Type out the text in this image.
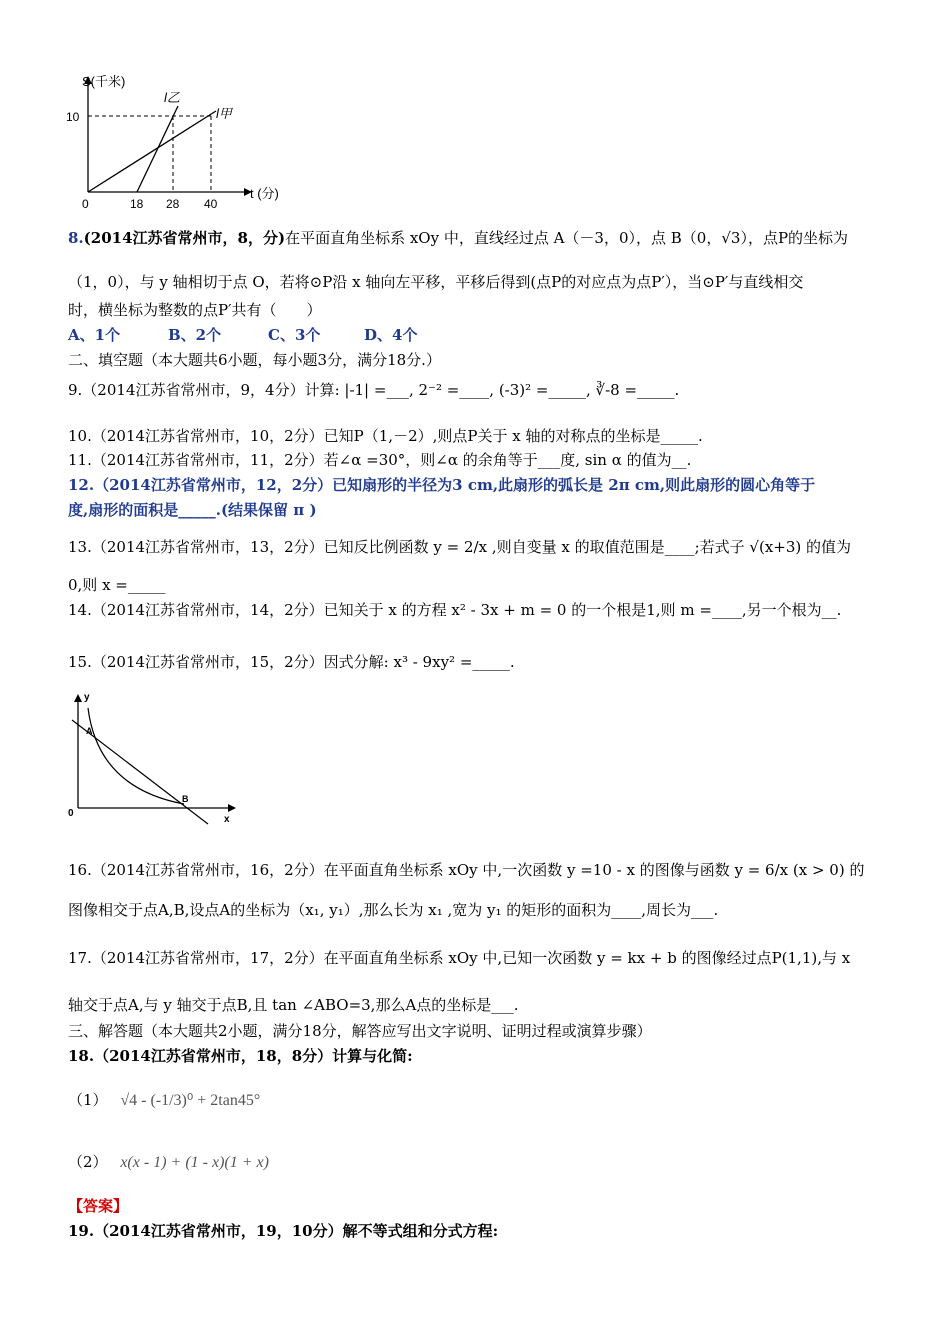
S(千米)
t (分)
10
0	18 28 40
l乙
l甲
8.(2014江苏省常州市，8，分)在平面直角坐标系 xOy 中，直线经过点 A（－3，0），点 B（0，√3），点P的坐标为
（1，0），与 y 轴相切于点 O，若将⊙P沿 x 轴向左平移，平移后得到(点P的对应点为点P′），当⊙P′与直线相交
时，横坐标为整数的点P′共有（　　）
A、1个	B、2个	C、3个	D、4个
二、填空题（本大题共6小题，每小题3分，满分18分.）
9.（2014江苏省常州市，9，4分）计算: |-1| =___, 2⁻² =____, (-3)² =_____, ∛-8 =_____.
10.（2014江苏省常州市，10，2分）已知P（1,－2）,则点P关于 x 轴的对称点的坐标是_____.
11.（2014江苏省常州市，11，2分）若∠α =30°，则∠α 的余角等于___度, sin α 的值为__.
12.（2014江苏省常州市，12，2分）已知扇形的半径为3 cm,此扇形的弧长是 2π cm,则此扇形的圆心角等于
度,扇形的面积是_____.(结果保留 π )
13.（2014江苏省常州市，13，2分）已知反比例函数 y = 2/x ,则自变量 x 的取值范围是____;若式子 √(x+3) 的值为
0,则 x =_____
14.（2014江苏省常州市，14，2分）已知关于 x 的方程 x² - 3x + m = 0 的一个根是1,则 m =____,另一个根为__.
15.（2014江苏省常州市，15，2分）因式分解: x³ - 9xy² =_____.
y
x
0
A
B
16.（2014江苏省常州市，16，2分）在平面直角坐标系 xOy 中,一次函数 y =10 - x 的图像与函数 y = 6/x (x > 0) 的
图像相交于点A,B,设点A的坐标为（x₁, y₁）,那么长为 x₁ ,宽为 y₁ 的矩形的面积为____,周长为___.
17.（2014江苏省常州市，17，2分）在平面直角坐标系 xOy 中,已知一次函数 y = kx + b 的图像经过点P(1,1),与 x
轴交于点A,与 y 轴交于点B,且 tan ∠ABO=3,那么A点的坐标是___.
三、解答题（本大题共2小题，满分18分，解答应写出文字说明、证明过程或演算步骤）
18.（2014江苏省常州市，18，8分）计算与化简:
（1） √4 - (-1/3)⁰ + 2tan45°
（2） x(x - 1) + (1 - x)(1 + x)
【答案】
19.（2014江苏省常州市，19，10分）解不等式组和分式方程:
